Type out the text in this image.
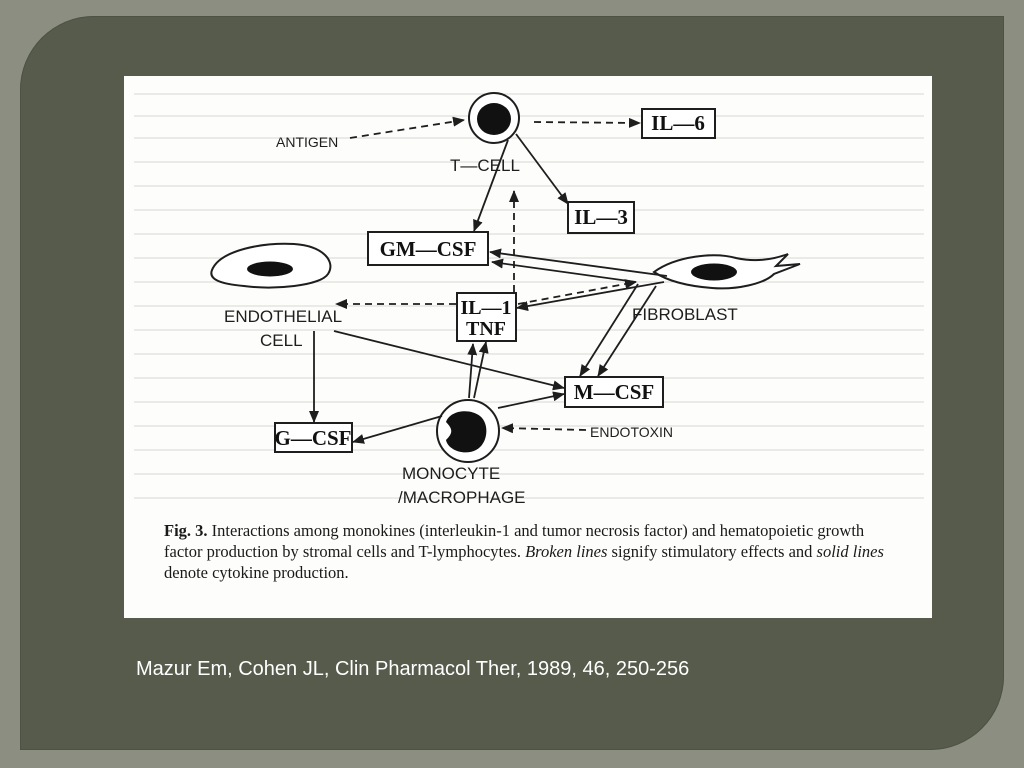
IL—6
IL—3
GM—CSF
IL—1
TNF
M—CSF
G—CSF
ANTIGEN
T—CELL
ENDOTHELIAL
CELL
FIBROBLAST
ENDOTOXIN
MONOCYTE
/MACROPHAGE
Fig. 3. Interactions among monokines (interleukin-1 and tumor necrosis factor) and hematopoietic growth factor production by stromal cells and T-lymphocytes. Broken lines signify stimulatory effects and solid lines denote cytokine production.
Mazur Em, Cohen JL, Clin Pharmacol Ther, 1989, 46, 250-256
